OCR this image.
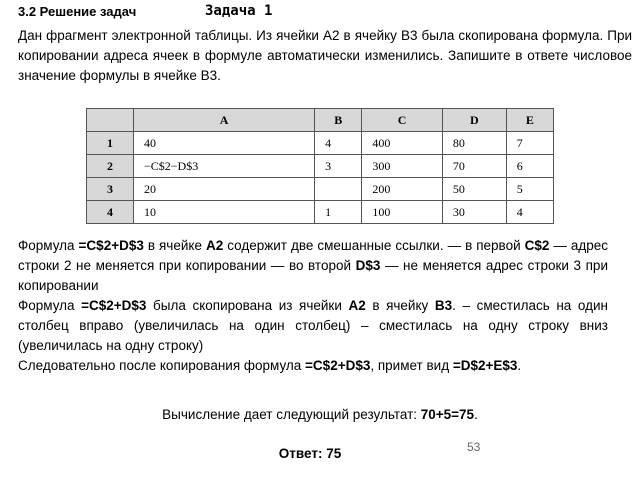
3.2 Решение задач	Задача 1
Дан фрагмент электронной таблицы. Из ячейки A2 в ячейку B3 была скопирована формула. При копировании адреса ячеек в формуле автоматически изменились. Запишите в ответе числовое значение формулы в ячейке B3.
	A	B	C	D	E
1	40	4	400	80	7
2	−C$2−D$3	3	300	70	6
3	20		200	50	5
4	10	1	100	30	4

Формула =C$2+D$3 в ячейке A2 содержит две смешанные ссылки. — в первой C$2 — адрес строки 2 не меняется при копировании — во второй D$3 — не меняется адрес строки 3 при копировании

Формула =C$2+D$3 была скопирована из ячейки A2 в ячейку B3. – сместилась на один столбец вправо (увеличилась на один столбец) – сместилась на одну строку вниз (увеличилась на одну строку)

Следовательно после копирования формула =C$2+D$3, примет вид =D$2+E$3.

Вычисление дает следующий результат: 70+5=75.
53
Ответ: 75
